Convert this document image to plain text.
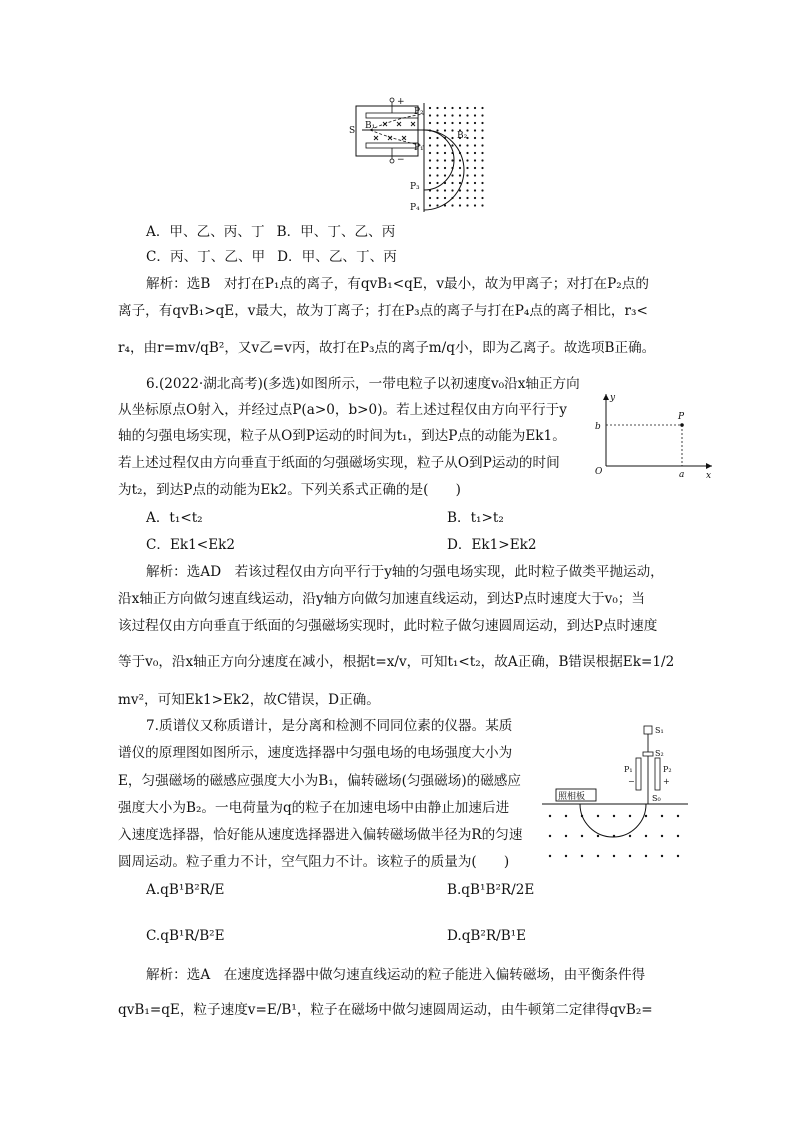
S
P₂
P₁
P₃
P₄
B₁
B₂
+
−
A．甲、乙、丙、丁 B．甲、丁、乙、丙
C．丙、丁、乙、甲 D．甲、乙、丁、丙
解析：选B　对打在P₁点的离子，有qvB₁<qE，v最小，故为甲离子；对打在P₂点的
离子，有qvB₁>qE，v最大，故为丁离子；打在P₃点的离子与打在P₄点的离子相比，r₃<
r₄，由r=mv/qB²，又v乙=v丙，故打在P₃点的离子m/q小，即为乙离子。故选项B正确。
6.(2022·湖北高考)(多选)如图所示，一带电粒子以初速度v₀沿x轴正方向
从坐标原点O射入，并经过点P(a>0，b>0)。若上述过程仅由方向平行于y
轴的匀强电场实现，粒子从O到P运动的时间为t₁，到达P点的动能为Ek1。
若上述过程仅由方向垂直于纸面的匀强磁场实现，粒子从O到P运动的时间
为t₂，到达P点的动能为Ek2。下列关系式正确的是(　　)
A．t₁<t₂	B．t₁>t₂
C．Ek1<Ek2	D．Ek1>Ek2
解析：选AD　若该过程仅由方向平行于y轴的匀强电场实现，此时粒子做类平抛运动，
沿x轴正方向做匀速直线运动，沿y轴方向做匀加速直线运动，到达P点时速度大于v₀；当
该过程仅由方向垂直于纸面的匀强磁场实现时，此时粒子做匀速圆周运动，到达P点时速度
等于v₀，沿x轴正方向分速度在减小，根据t=x/v，可知t₁<t₂，故A正确，B错误根据Ek=1/2
mv²，可知Ek1>Ek2，故C错误，D正确。
y
x
O
P
a
b
7.质谱仪又称质谱计，是分离和检测不同同位素的仪器。某质
谱仪的原理图如图所示，速度选择器中匀强电场的电场强度大小为
E，匀强磁场的磁感应强度大小为B₁，偏转磁场(匀强磁场)的磁感应
强度大小为B₂。一电荷量为q的粒子在加速电场中由静止加速后进
入速度选择器，恰好能从速度选择器进入偏转磁场做半径为R的匀速
圆周运动。粒子重力不计，空气阻力不计。该粒子的质量为(　　)
A.qB¹B²R/E	B.qB¹B²R/2E
C.qB¹R/B²E	D.qB²R/B¹E
解析：选A　在速度选择器中做匀速直线运动的粒子能进入偏转磁场，由平衡条件得
qvB₁=qE，粒子速度v=E/B¹，粒子在磁场中做匀速圆周运动，由牛顿第二定律得qvB₂=
照相板
S₁
S₂
S₀
P₁	P₂
−	+
